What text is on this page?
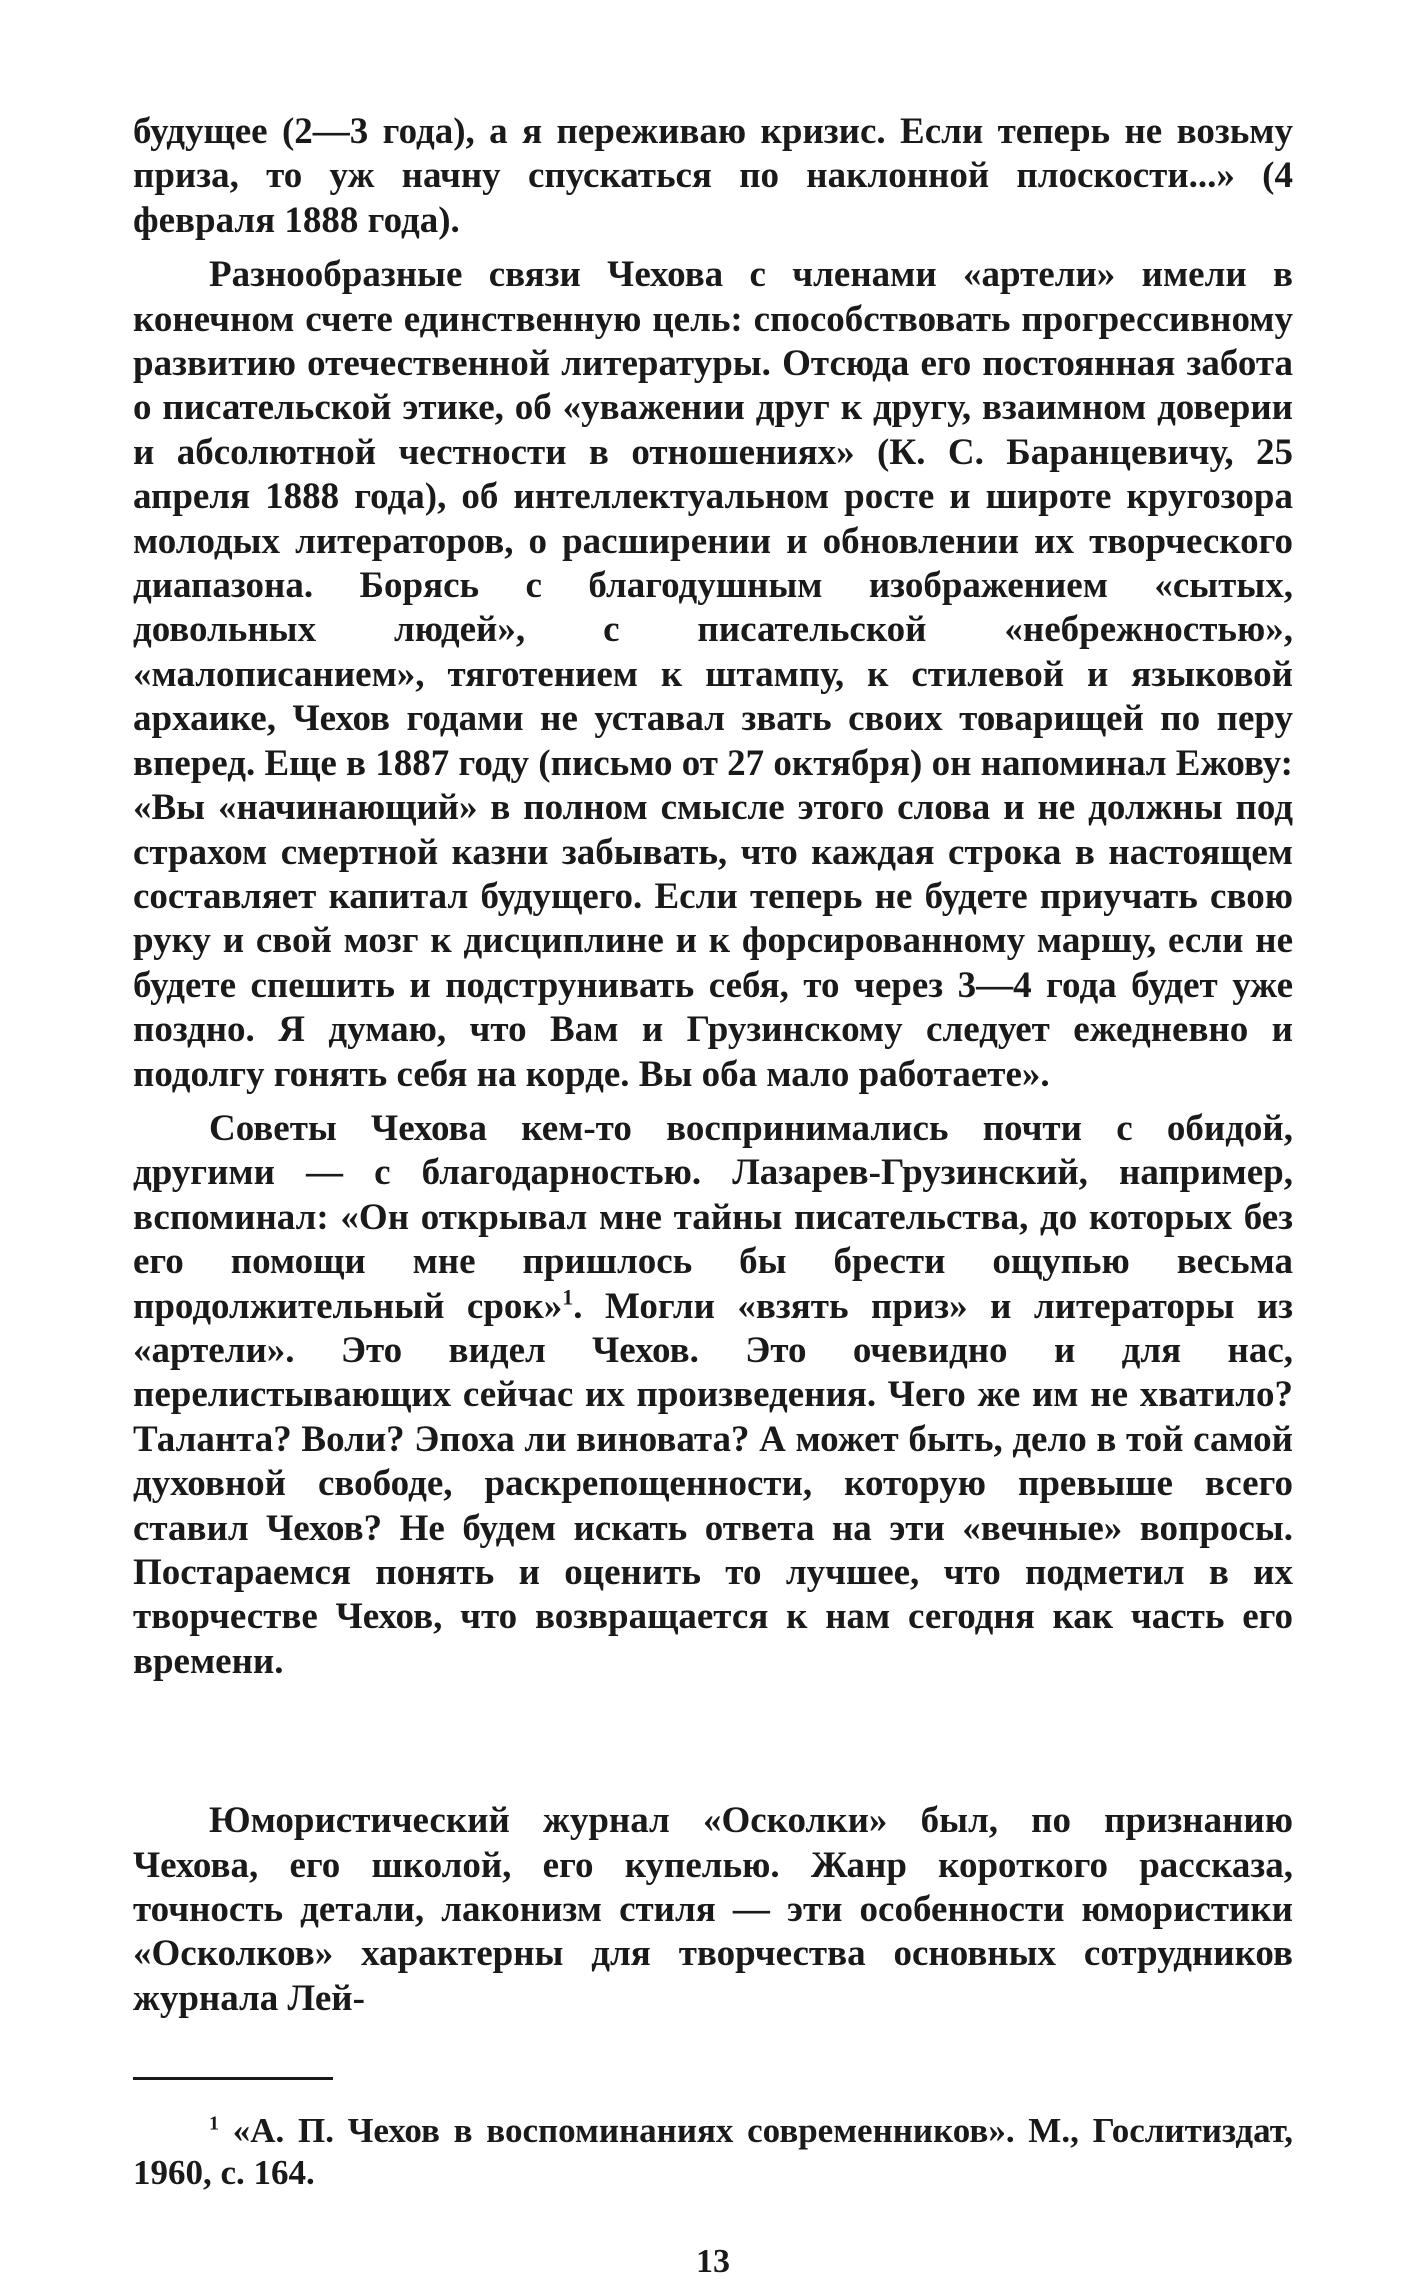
будущее (2—3 года), а я переживаю кризис. Если теперь не возьму приза, то уж начну спускаться по наклонной плоскости...» (4 февраля 1888 года).

Разнообразные связи Чехова с членами «артели» имели в конечном счете единственную цель: способствовать прогрессивному развитию отечественной литературы. Отсюда его постоянная забота о писательской этике, об «уважении друг к другу, взаимном доверии и абсолютной честности в отношениях» (К. С. Баранцевичу, 25 апреля 1888 года), об интеллектуальном росте и широте кругозора молодых литераторов, о расширении и обновлении их творческого диапазона. Борясь с благодушным изображением «сытых, довольных людей», с писательской «небрежностью», «малописанием», тяготением к штампу, к стилевой и языковой архаике, Чехов годами не уставал звать своих товарищей по перу вперед. Еще в 1887 году (письмо от 27 октября) он напоминал Ежову: «Вы «начинающий» в полном смысле этого слова и не должны под страхом смертной казни забывать, что каждая строка в настоящем составляет капитал будущего. Если теперь не будете приучать свою руку и свой мозг к дисциплине и к форсированному маршу, если не будете спешить и подструнивать себя, то через 3—4 года будет уже поздно. Я думаю, что Вам и Грузинскому следует ежедневно и подолгу гонять себя на корде. Вы оба мало работаете».

Советы Чехова кем-то воспринимались почти с обидой, другими — с благодарностью. Лазарев-Грузинский, например, вспоминал: «Он открывал мне тайны писательства, до которых без его помощи мне пришлось бы брести ощупью весьма продолжительный срок»$^1$. Могли «взять приз» и литераторы из «артели». Это видел Чехов. Это очевидно и для нас, перелистывающих сейчас их произведения. Чего же им не хватило? Таланта? Воли? Эпоха ли виновата? А может быть, дело в той самой духовной свободе, раскрепощенности, которую превыше всего ставил Чехов? Не будем искать ответа на эти «вечные» вопросы. Постараемся понять и оценить то лучшее, что подметил в их творчестве Чехов, что возвращается к нам сегодня как часть его времени.

Юмористический журнал «Осколки» был, по признанию Чехова, его школой, его купелью. Жанр короткого рассказа, точность детали, лаконизм стиля — эти особенности юмористики «Осколков» характерны для творчества основных сотрудников журнала Лей-

$^1$ «А. П. Чехов в воспоминаниях современников». М., Гослитиздат, 1960, с. 164.

13
